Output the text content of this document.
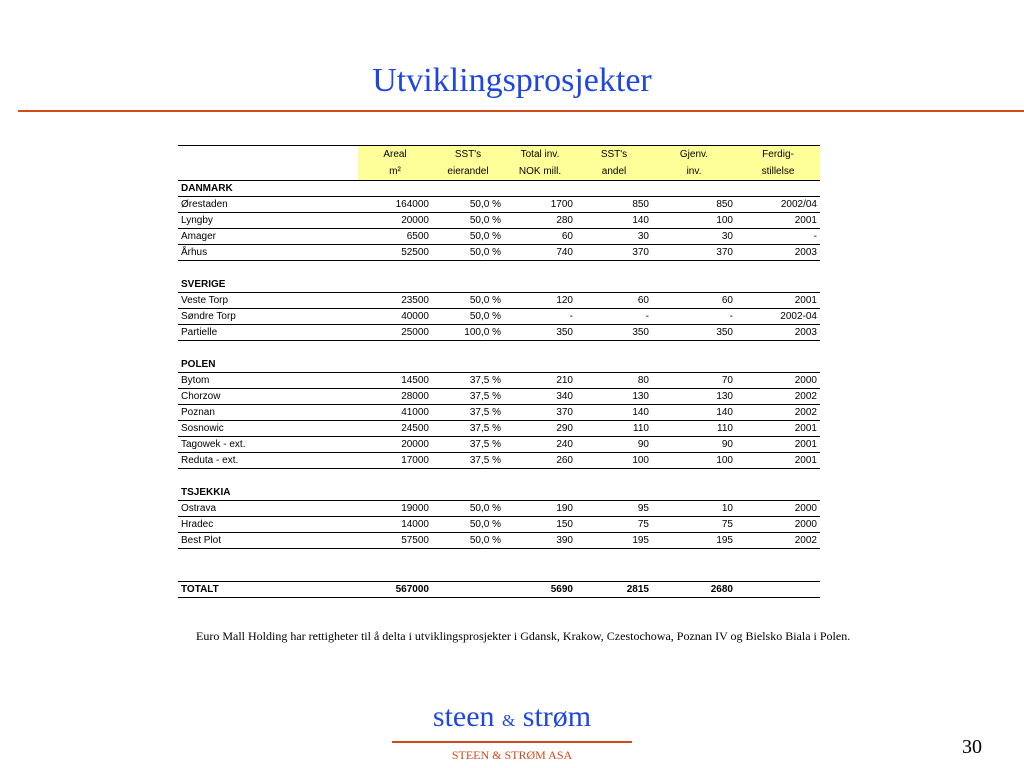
Utviklingsprosjekter
	Areal	SST's	Total inv.	SST's	Gjenv.	Ferdig-
	m²	eierandel	NOK mill.	andel	inv.	stillelse
DANMARK						
Ørestaden	164000	50,0 %	1700	850	850	2002/04
Lyngby	20000	50,0 %	280	140	100	2001
Amager	6500	50,0 %	60	30	30	-
Århus	52500	50,0 %	740	370	370	2003

SVERIGE						
Veste Torp	23500	50,0 %	120	60	60	2001
Søndre Torp	40000	50,0 %	-	-	-	2002-04
Partielle	25000	100,0 %	350	350	350	2003

POLEN						
Bytom	14500	37,5 %	210	80	70	2000
Chorzow	28000	37,5 %	340	130	130	2002
Poznan	41000	37,5 %	370	140	140	2002
Sosnowic	24500	37,5 %	290	110	110	2001
Tagowek - ext.	20000	37,5 %	240	90	90	2001
Reduta - ext.	17000	37,5 %	260	100	100	2001

TSJEKKIA						
Ostrava	19000	50,0 %	190	95	10	2000
Hradec	14000	50,0 %	150	75	75	2000
Best Plot	57500	50,0 %	390	195	195	2002

TOTALT	567000		5690	2815	2680	
Euro Mall Holding har rettigheter til å delta i utviklingsprosjekter i Gdansk, Krakow, Czestochowa, Poznan IV og Bielsko Biala i Polen.
steen & strøm
STEEN & STRØM ASA	30
